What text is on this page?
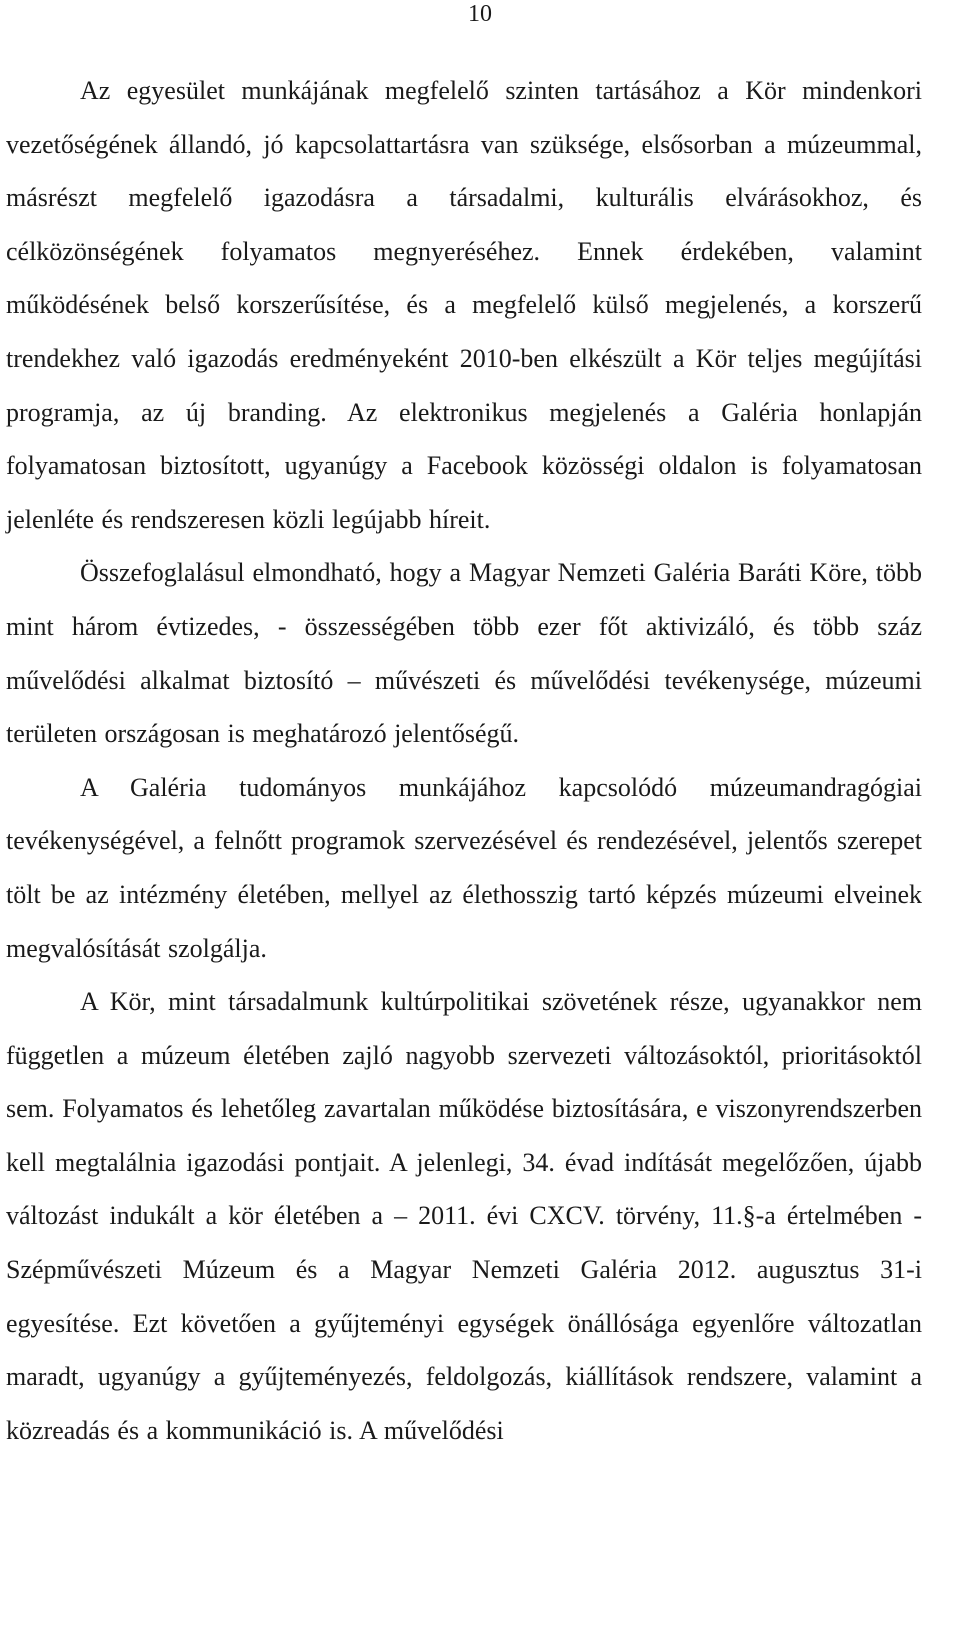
10

Az egyesület munkájának megfelelő szinten tartásához a Kör mindenkori vezetőségének állandó, jó kapcsolattartásra van szüksége, elsősorban a múzeummal, másrészt megfelelő igazodásra a társadalmi, kulturális elvárásokhoz, és célközönségének folyamatos megnyeréséhez. Ennek érdekében, valamint működésének belső korszerűsítése, és a megfelelő külső megjelenés, a korszerű trendekhez való igazodás eredményeként 2010-ben elkészült a Kör teljes megújítási programja, az új branding. Az elektronikus megjelenés a Galéria honlapján folyamatosan biztosított, ugyanúgy a Facebook közösségi oldalon is folyamatosan jelenléte és rendszeresen közli legújabb híreit.

Összefoglalásul elmondható, hogy a Magyar Nemzeti Galéria Baráti Köre, több mint három évtizedes, - összességében több ezer főt aktivizáló, és több száz művelődési alkalmat biztosító – művészeti és művelődési tevékenysége, múzeumi területen országosan is meghatározó jelentőségű.

A Galéria tudományos munkájához kapcsolódó múzeumandragógiai tevékenységével, a felnőtt programok szervezésével és rendezésével, jelentős szerepet tölt be az intézmény életében, mellyel az élethosszig tartó képzés múzeumi elveinek megvalósítását szolgálja.

A Kör, mint társadalmunk kultúrpolitikai szövetének része, ugyanakkor nem független a múzeum életében zajló nagyobb szervezeti változásoktól, prioritásoktól sem. Folyamatos és lehetőleg zavartalan működése biztosítására, e viszonyrendszerben kell megtalálnia igazodási pontjait. A jelenlegi, 34. évad indítását megelőzően, újabb változást indukált a kör életében a – 2011. évi CXCV. törvény, 11.§-a értelmében - Szépművészeti Múzeum és a Magyar Nemzeti Galéria 2012. augusztus 31-i egyesítése. Ezt követően a gyűjteményi egységek önállósága egyenlőre változatlan maradt, ugyanúgy a gyűjteményezés, feldolgozás, kiállítások rendszere, valamint a közreadás és a kommunikáció is. A művelődési
